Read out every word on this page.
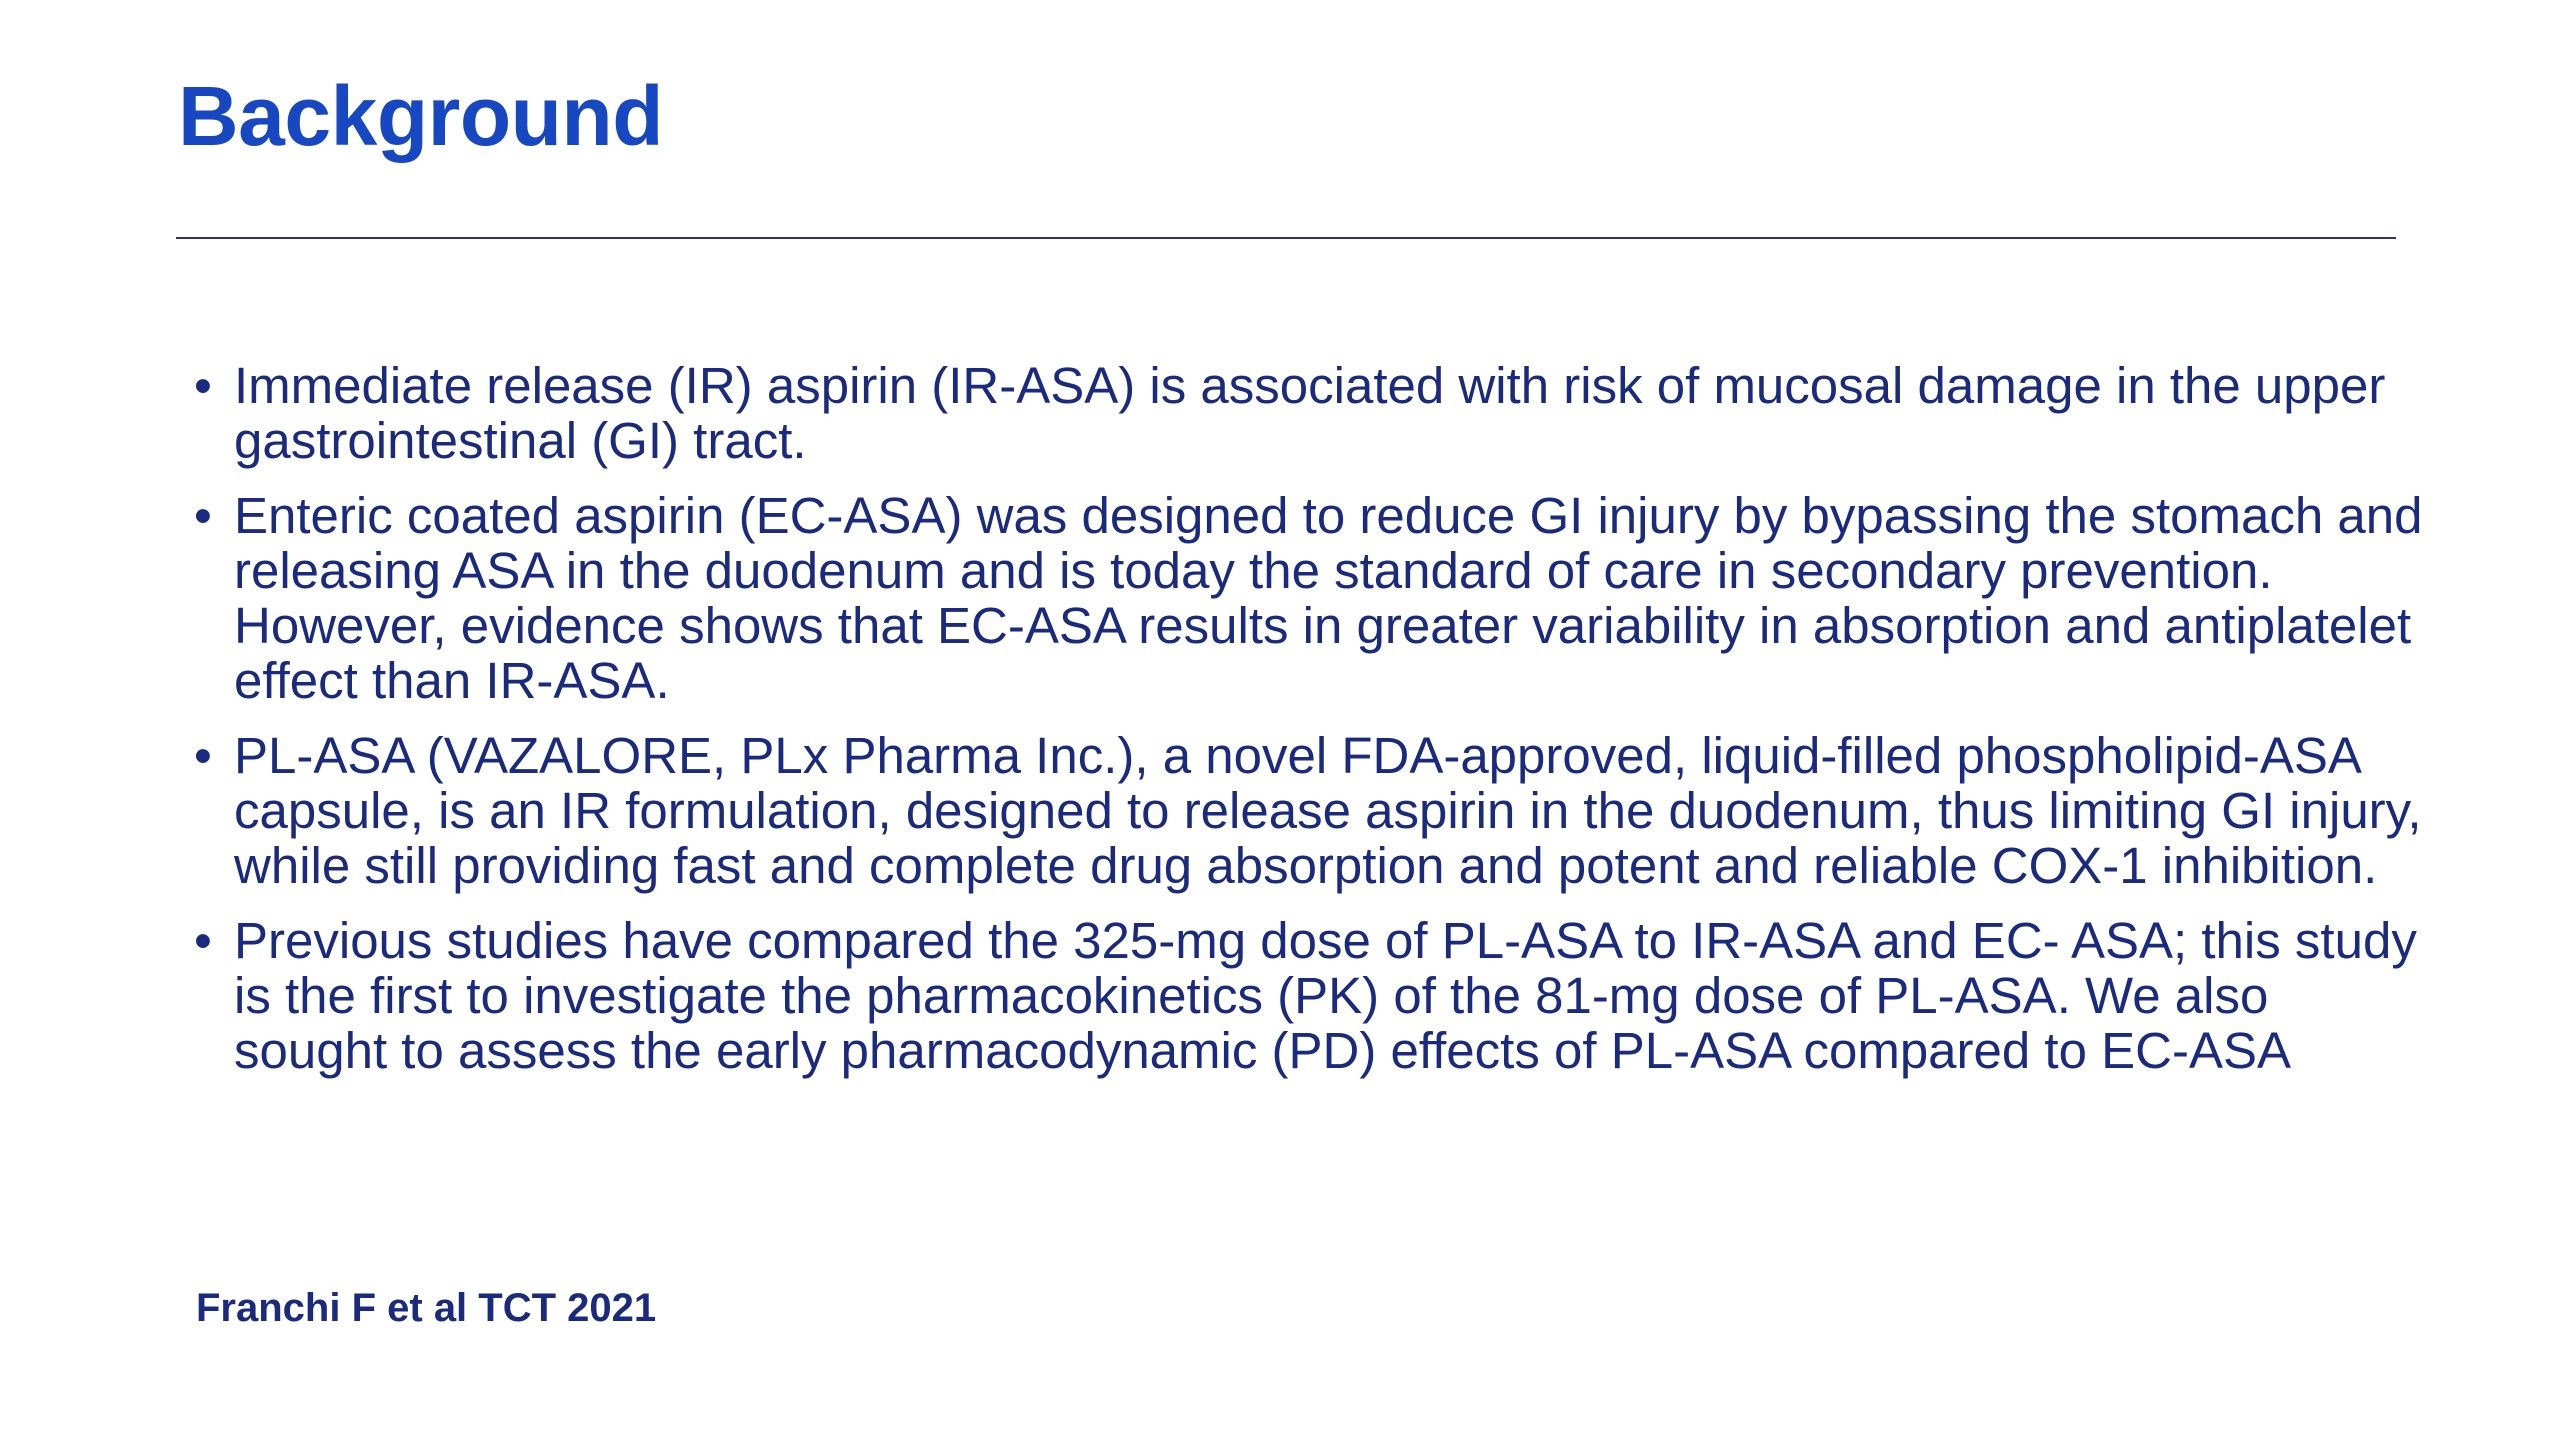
Background
• Immediate release (IR) aspirin (IR-ASA) is associated with risk of mucosal damage in the upper gastrointestinal (GI) tract.
• Enteric coated aspirin (EC-ASA) was designed to reduce GI injury by bypassing the stomach and releasing ASA in the duodenum and is today the standard of care in secondary prevention. However, evidence shows that EC-ASA results in greater variability in absorption and antiplatelet effect than IR-ASA.
• PL-ASA (VAZALORE, PLx Pharma Inc.), a novel FDA-approved, liquid-filled phospholipid-ASA capsule, is an IR formulation, designed to release aspirin in the duodenum, thus limiting GI injury, while still providing fast and complete drug absorption and potent and reliable COX-1 inhibition.
• Previous studies have compared the 325-mg dose of PL-ASA to IR-ASA and EC- ASA; this study is the first to investigate the pharmacokinetics (PK) of the 81-mg dose of PL-ASA. We also sought to assess the early pharmacodynamic (PD) effects of PL-ASA compared to EC-ASA

Franchi F et al TCT 2021
